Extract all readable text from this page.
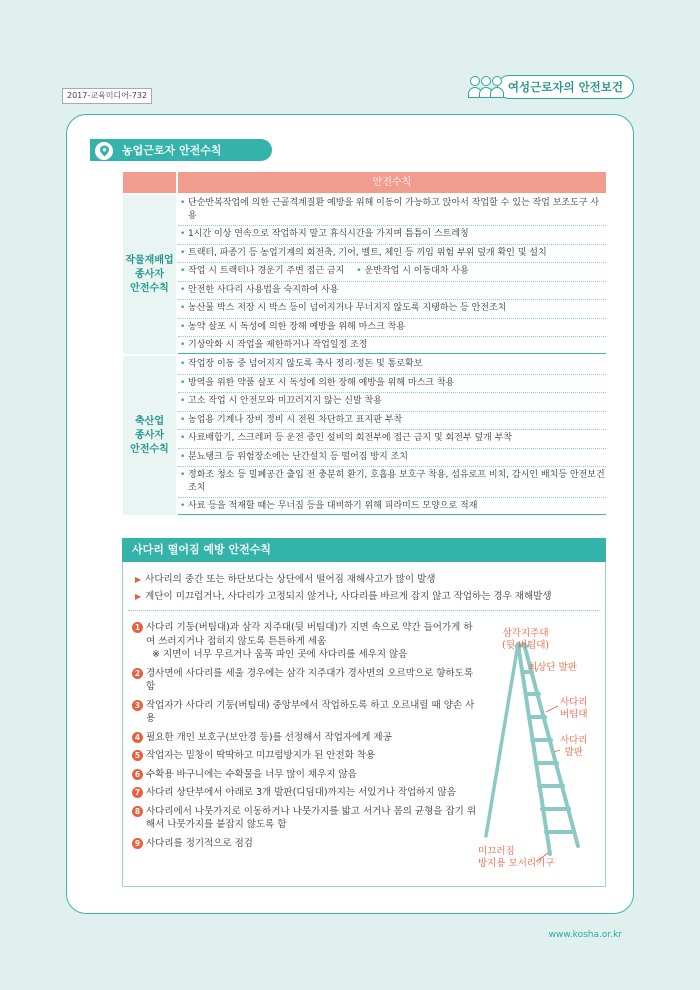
2017-교육미디어-732
여성근로자의 안전보건
농업근로자 안전수칙
안전수칙
작물재배업
종사자
안전수칙
• 단순반복작업에 의한 근골격계질환 예방을 위해 이동이 가능하고 앉아서 작업할 수 있는 작업 보조도구 사용
• 1시간 이상 연속으로 작업하지 말고 휴식시간을 가지며 틈틈이 스트레칭
• 트랙터, 파종기 등 농업기계의 회전축, 기어, 벨트, 체인 등 끼임 위험 부위 덮개 확인 및 설치
• 작업 시 트랙터나 경운기 주변 접근 금지 • 운반작업 시 이동대차 사용
• 안전한 사다리 사용법을 숙지하여 사용
• 농산물 박스 저장 시 박스 등이 넘어지거나 무너지지 않도록 지탱하는 등 안전조치
• 농약 살포 시 독성에 의한 장해 예방을 위해 마스크 착용
• 기상악화 시 작업을 제한하거나 작업일정 조정
축산업
종사자
안전수칙
• 작업장 이동 중 넘어지지 않도록 축사 정리·정돈 및 통로확보
• 방역을 위한 약품 살포 시 독성에 의한 장해 예방을 위해 마스크 착용
• 고소 작업 시 안전모와 미끄러지지 않는 신발 착용
• 농업용 기계나 장비 정비 시 전원 차단하고 표지판 부착
• 사료배합기, 스크레퍼 등 운전 중인 설비의 회전부에 접근 금지 및 회전부 덮개 부착
• 분뇨탱크 등 위험장소에는 난간설치 등 떨어짐 방지 조치
• 정화조 청소 등 밀폐공간 출입 전 충분히 환기, 호흡용 보호구 착용, 섬유로프 비치, 감시인 배치등 안전보건 조치
• 사료 등을 적재할 때는 무너짐 등을 대비하기 위해 피라미드 모양으로 적재
사다리 떨어짐 예방 안전수칙
▶ 사다리의 중간 또는 하단보다는 상단에서 떨어짐 재해사고가 많이 발생
▶ 계단이 미끄럽거나, 사다리가 고정되지 않거나, 사다리를 바르게 잡지 않고 작업하는 경우 재해발생
1 사다리 기둥(버팀대)과 삼각 지주대(뒷 버팀대)가 지면 속으로 약간 들어가게 하여 쓰러지거나 접히지 않도록 튼튼하게 세움
※ 지면이 너무 무르거나 움푹 파인 곳에 사다리를 세우지 않음
2 경사면에 사다리를 세울 경우에는 삼각 지주대가 경사면의 오르막으로 향하도록 함
3 작업자가 사다리 기둥(버팀대) 중앙부에서 작업하도록 하고 오르내릴 때 양손 사용
4 필요한 개인 보호구(보안경 등)를 선정해서 작업자에게 제공
5 작업자는 밑창이 딱딱하고 미끄럼방지가 된 안전화 착용
6 수확용 바구니에는 수확물을 너무 많이 채우지 않음
7 사다리 상단부에서 아래로 3개 발판(디딤대)까지는 서있거나 작업하지 않음
8 사다리에서 나뭇가지로 이동하거나 나뭇가지를 밟고 서거나 몸의 균형을 잡기 위해서 나뭇가지를 붙잡지 않도록 함
9 사다리를 정기적으로 점검
삼각지주대
(뒷 버팀대)
최상단 발판
사다리
버팀대
사다리
발판
미끄러짐
방지용 모서리기구
www.kosha.or.kr
